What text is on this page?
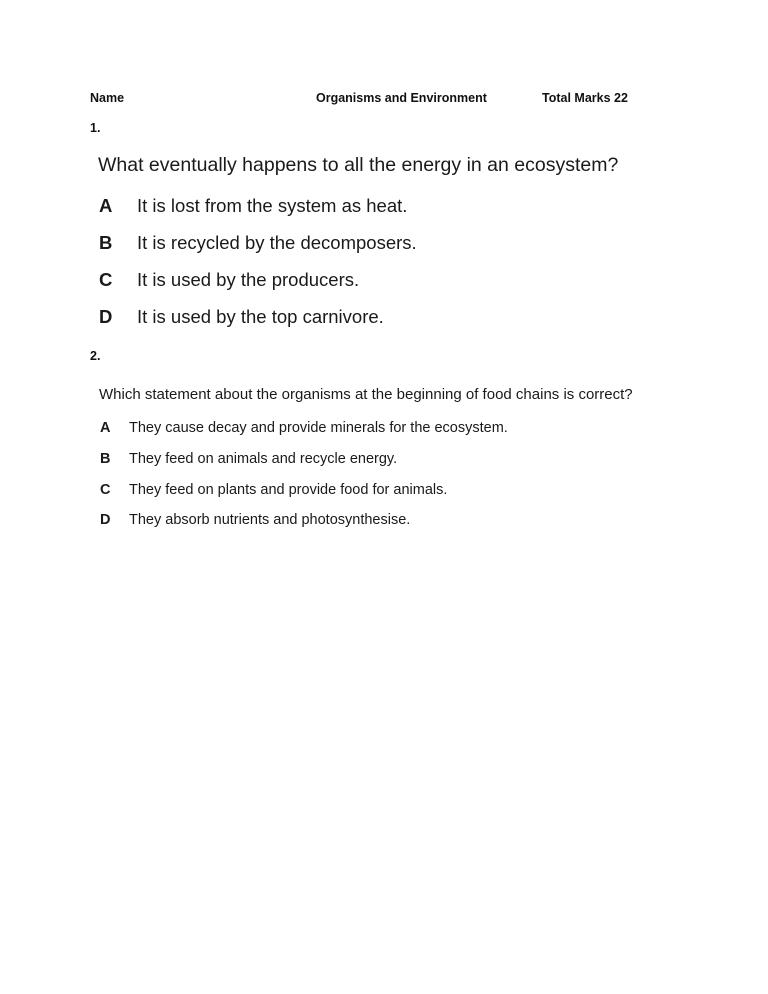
Name	Organisms and Environment	Total Marks 22
1.
What eventually happens to all the energy in an ecosystem?
A It is lost from the system as heat.
B It is recycled by the decomposers.
C It is used by the producers.
D It is used by the top carnivore.
2.
Which statement about the organisms at the beginning of food chains is correct?
A They cause decay and provide minerals for the ecosystem.
B They feed on animals and recycle energy.
C They feed on plants and provide food for animals.
D They absorb nutrients and photosynthesise.
